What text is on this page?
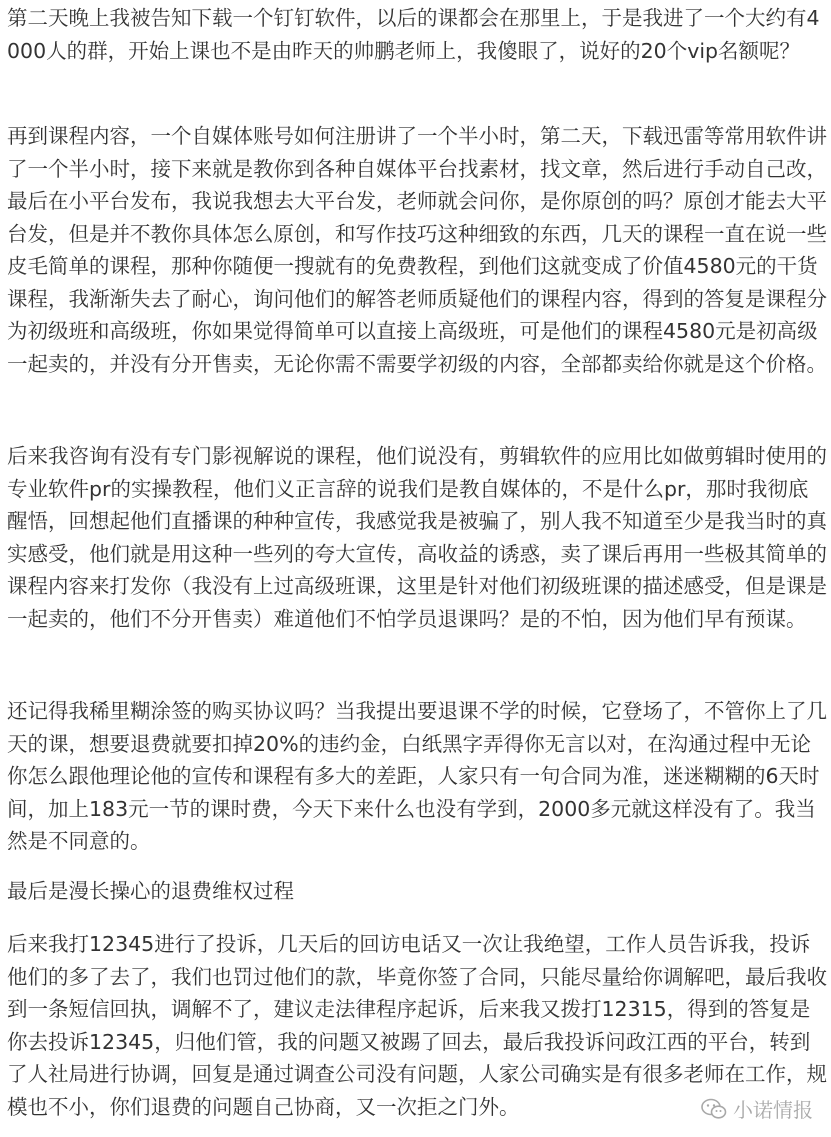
第二天晚上我被告知下载一个钉钉软件，以后的课都会在那里上，于是我进了一个大约有4000人的群，开始上课也不是由昨天的帅鹏老师上，我傻眼了，说好的20个vip名额呢？

再到课程内容，一个自媒体账号如何注册讲了一个半小时，第二天，下载迅雷等常用软件讲了一个半小时，接下来就是教你到各种自媒体平台找素材，找文章，然后进行手动自己改，最后在小平台发布，我说我想去大平台发，老师就会问你，是你原创的吗？原创才能去大平台发，但是并不教你具体怎么原创，和写作技巧这种细致的东西，几天的课程一直在说一些皮毛简单的课程，那种你随便一搜就有的免费教程，到他们这就变成了价值4580元的干货课程，我渐渐失去了耐心，询问他们的解答老师质疑他们的课程内容，得到的答复是课程分为初级班和高级班，你如果觉得简单可以直接上高级班，可是他们的课程4580元是初高级一起卖的，并没有分开售卖，无论你需不需要学初级的内容，全部都卖给你就是这个价格。

后来我咨询有没有专门影视解说的课程，他们说没有，剪辑软件的应用比如做剪辑时使用的专业软件pr的实操教程，他们义正言辞的说我们是教自媒体的，不是什么pr，那时我彻底醒悟，回想起他们直播课的种种宣传，我感觉我是被骗了，别人我不知道至少是我当时的真实感受，他们就是用这种一些列的夸大宣传，高收益的诱惑，卖了课后再用一些极其简单的课程内容来打发你（我没有上过高级班课，这里是针对他们初级班课的描述感受，但是课是一起卖的，他们不分开售卖）难道他们不怕学员退课吗？是的不怕，因为他们早有预谋。

还记得我稀里糊涂签的购买协议吗？当我提出要退课不学的时候，它登场了，不管你上了几天的课，想要退费就要扣掉20%的违约金，白纸黑字弄得你无言以对，在沟通过程中无论你怎么跟他理论他的宣传和课程有多大的差距，人家只有一句合同为准，迷迷糊糊的6天时间，加上183元一节的课时费，今天下来什么也没有学到，2000多元就这样没有了。我当然是不同意的。

最后是漫长操心的退费维权过程

后来我打12345进行了投诉，几天后的回访电话又一次让我绝望，工作人员告诉我，投诉他们的多了去了，我们也罚过他们的款，毕竟你签了合同，只能尽量给你调解吧，最后我收到一条短信回执，调解不了，建议走法律程序起诉，后来我又拨打12315，得到的答复是你去投诉12345，归他们管，我的问题又被踢了回去，最后我投诉问政江西的平台，转到了人社局进行协调，回复是通过调查公司没有问题，人家公司确实是有很多老师在工作，规模也不小，你们退费的问题自己协商，又一次拒之门外。	小诺情报
